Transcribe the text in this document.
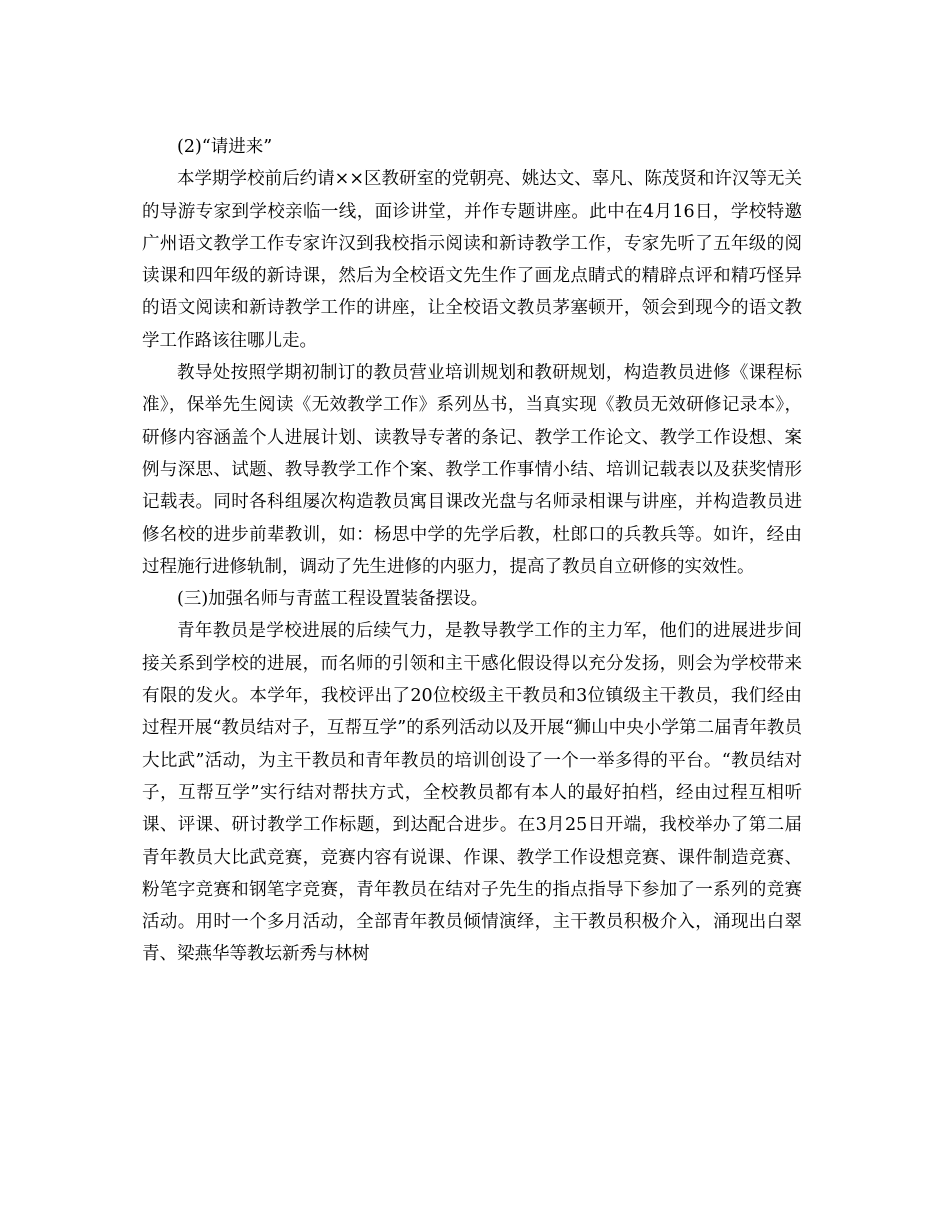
(2)“请进来”

本学期学校前后约请××区教研室的党朝亮、姚达文、辜凡、陈茂贤和许汉等无关的导游专家到学校亲临一线，面诊讲堂，并作专题讲座。此中在4月16日，学校特邀广州语文教学工作专家许汉到我校指示阅读和新诗教学工作，专家先听了五年级的阅读课和四年级的新诗课，然后为全校语文先生作了画龙点睛式的精辟点评和精巧怪异的语文阅读和新诗教学工作的讲座，让全校语文教员茅塞顿开，领会到现今的语文教学工作路该往哪儿走。

教导处按照学期初制订的教员营业培训规划和教研规划，构造教员进修《课程标准》，保举先生阅读《无效教学工作》系列丛书，当真实现《教员无效研修记录本》，研修内容涵盖个人进展计划、读教导专著的条记、教学工作论文、教学工作设想、案例与深思、试题、教导教学工作个案、教学工作事情小结、培训记载表以及获奖情形记载表。同时各科组屡次构造教员寓目课改光盘与名师录相课与讲座，并构造教员进修名校的进步前辈教训，如：杨思中学的先学后教，杜郎口的兵教兵等。如许，经由过程施行进修轨制，调动了先生进修的内驱力，提高了教员自立研修的实效性。

(三)加强名师与青蓝工程设置装备摆设。

青年教员是学校进展的后续气力，是教导教学工作的主力军，他们的进展进步间接关系到学校的进展，而名师的引领和主干感化假设得以充分发扬，则会为学校带来有限的发火。本学年，我校评出了20位校级主干教员和3位镇级主干教员，我们经由过程开展“教员结对子，互帮互学”的系列活动以及开展“狮山中央小学第二届青年教员大比武”活动，为主干教员和青年教员的培训创设了一个一举多得的平台。“教员结对子，互帮互学”实行结对帮扶方式，全校教员都有本人的最好拍档，经由过程互相听课、评课、研讨教学工作标题，到达配合进步。在3月25日开端，我校举办了第二届青年教员大比武竞赛，竞赛内容有说课、作课、教学工作设想竞赛、课件制造竞赛、粉笔字竞赛和钢笔字竞赛，青年教员在结对子先生的指点指导下参加了一系列的竞赛活动。用时一个多月活动，全部青年教员倾情演绎，主干教员积极介入，涌现出白翠青、梁燕华等教坛新秀与林树
